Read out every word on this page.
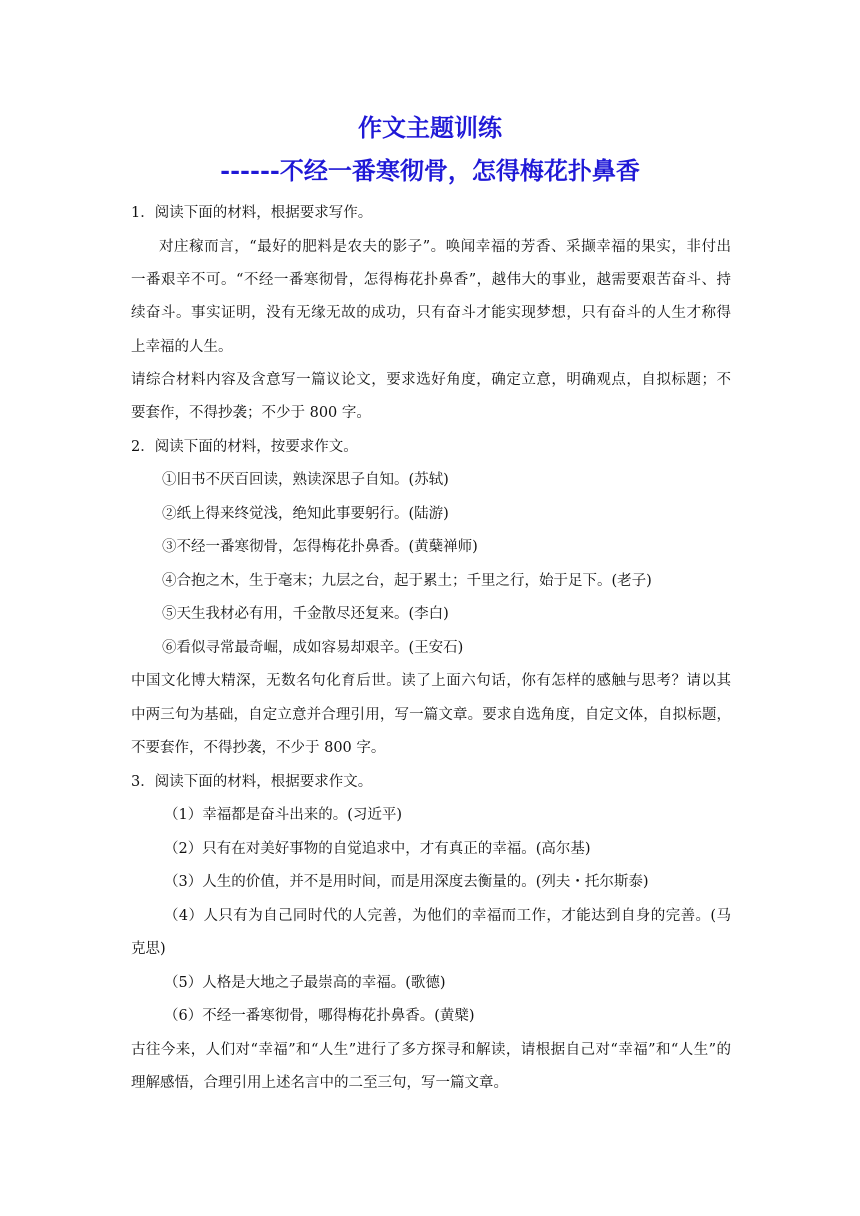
作文主题训练
------不经一番寒彻骨，怎得梅花扑鼻香
1．阅读下面的材料，根据要求写作。
对庄稼而言，“最好的肥料是农夫的影子”。唤闻幸福的芳香、采撷幸福的果实，非付出
一番艰辛不可。“不经一番寒彻骨，怎得梅花扑鼻香”，越伟大的事业，越需要艰苦奋斗、持
续奋斗。事实证明，没有无缘无故的成功，只有奋斗才能实现梦想，只有奋斗的人生才称得
上幸福的人生。
请综合材料内容及含意写一篇议论文，要求选好角度，确定立意，明确观点，自拟标题；不
要套作，不得抄袭；不少于 800 字。
2．阅读下面的材料，按要求作文。
①旧书不厌百回读，熟读深思子自知。(苏轼)
②纸上得来终觉浅，绝知此事要躬行。(陆游)
③不经一番寒彻骨，怎得梅花扑鼻香。(黄蘖禅师)
④合抱之木，生于毫末；九层之台，起于累土；千里之行，始于足下。(老子)
⑤天生我材必有用，千金散尽还复来。(李白)
⑥看似寻常最奇崛，成如容易却艰辛。(王安石)
中国文化博大精深，无数名句化育后世。读了上面六句话，你有怎样的感触与思考？请以其
中两三句为基础，自定立意并合理引用，写一篇文章。要求自选角度，自定文体，自拟标题，
不要套作，不得抄袭，不少于 800 字。
3．阅读下面的材料，根据要求作文。
（1）幸福都是奋斗出来的。(习近平)
（2）只有在对美好事物的自觉追求中，才有真正的幸福。(高尔基)
（3）人生的价值，并不是用时间，而是用深度去衡量的。(列夫・托尔斯泰)
（4）人只有为自己同时代的人完善，为他们的幸福而工作，才能达到自身的完善。(马
克思)
（5）人格是大地之子最崇高的幸福。(歌德)
（6）不经一番寒彻骨，哪得梅花扑鼻香。(黄檗)
古往今来，人们对“幸福”和“人生”进行了多方探寻和解读，请根据自己对“幸福”和“人生”的
理解感悟，合理引用上述名言中的二至三句，写一篇文章。
